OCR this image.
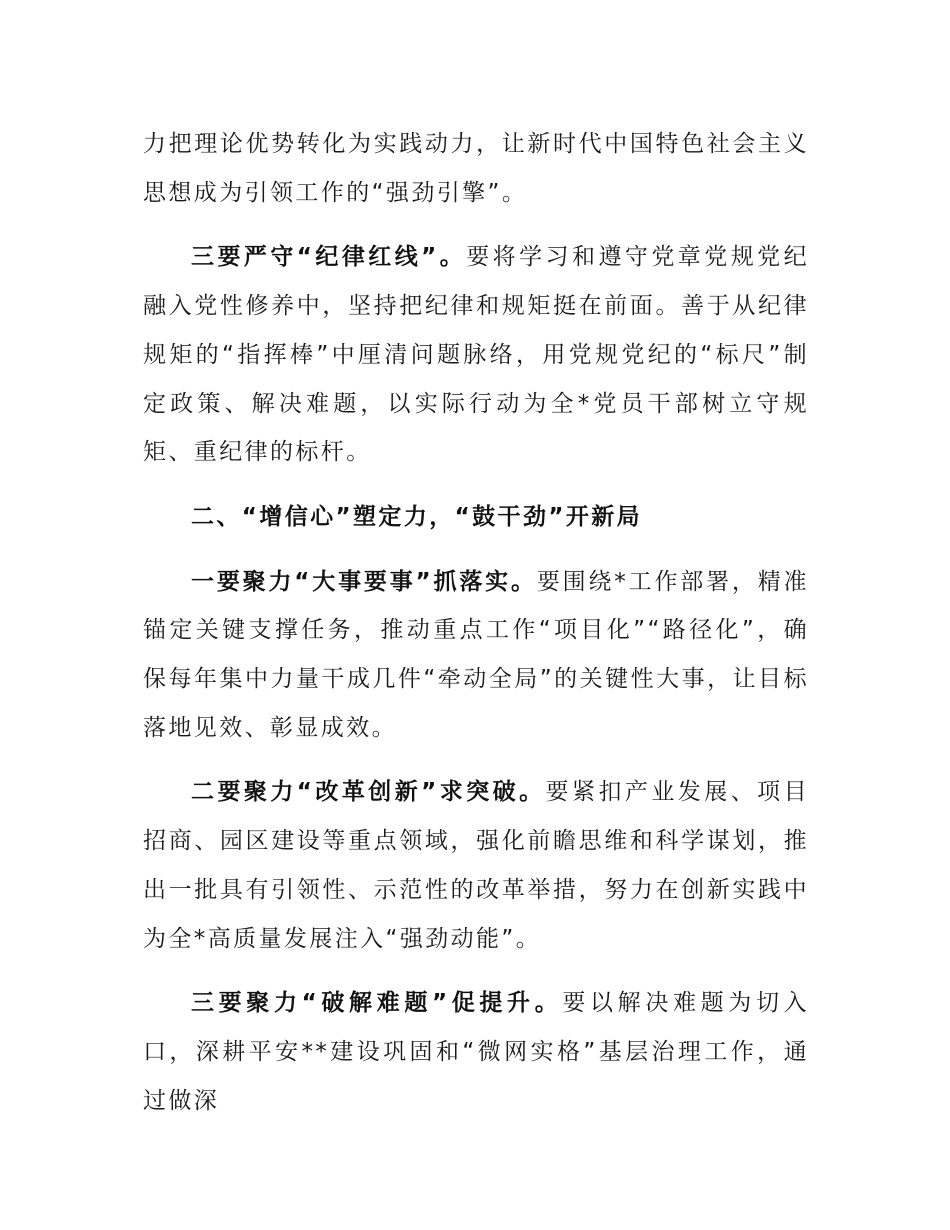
力把理论优势转化为实践动力，让新时代中国特色社会主义思想成为引领工作的“强劲引擎”。

三要严守“纪律红线”。要将学习和遵守党章党规党纪融入党性修养中，坚持把纪律和规矩挺在前面。善于从纪律规矩的“指挥棒”中厘清问题脉络，用党规党纪的“标尺”制定政策、解决难题，以实际行动为全*党员干部树立守规矩、重纪律的标杆。

二、“增信心”塑定力，“鼓干劲”开新局

一要聚力“大事要事”抓落实。要围绕*工作部署，精准锚定关键支撑任务，推动重点工作“项目化”“路径化”，确保每年集中力量干成几件“牵动全局”的关键性大事，让目标落地见效、彰显成效。

二要聚力“改革创新”求突破。要紧扣产业发展、项目招商、园区建设等重点领域，强化前瞻思维和科学谋划，推出一批具有引领性、示范性的改革举措，努力在创新实践中为全*高质量发展注入“强劲动能”。

三要聚力“破解难题”促提升。要以解决难题为切入口，深耕平安**建设巩固和“微网实格”基层治理工作，通过做深
